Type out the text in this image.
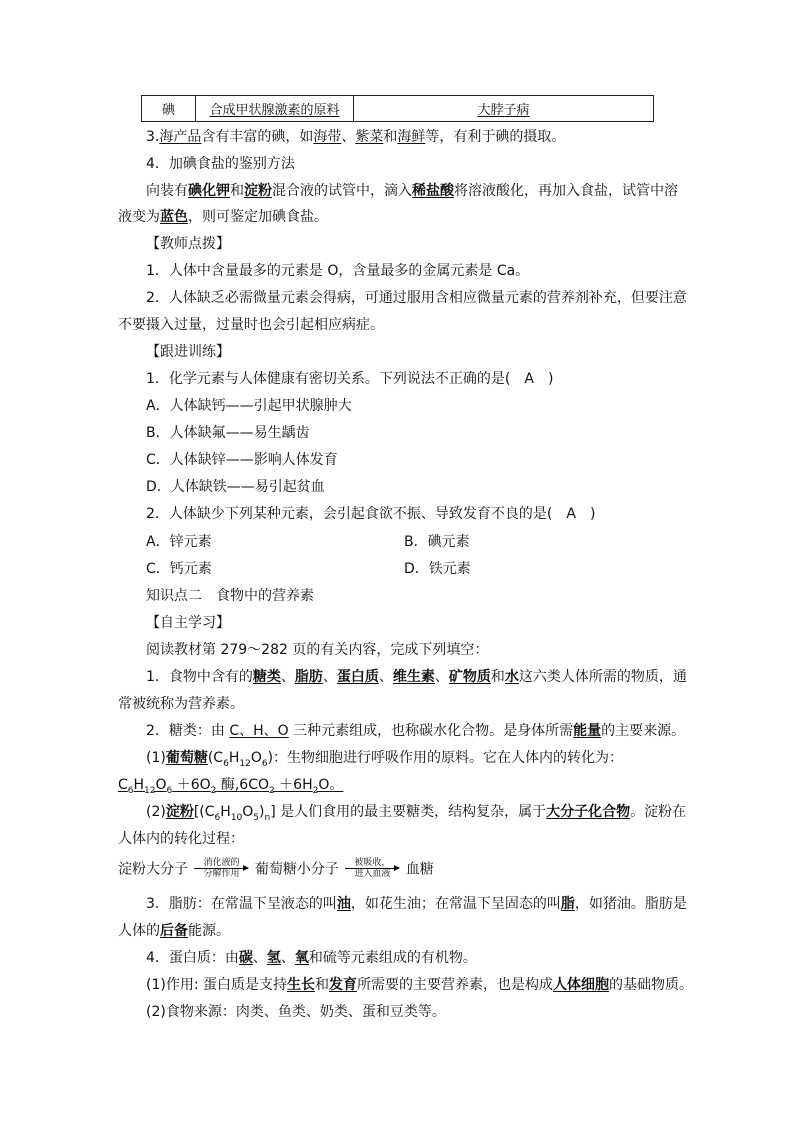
碘	合成甲状腺激素的原料	大脖子病
3.海产品含有丰富的碘，如海带、紫菜和海鲜等，有利于碘的摄取。
4．加碘食盐的鉴别方法
向装有碘化钾和淀粉混合液的试管中，滴入稀盐酸将溶液酸化，再加入食盐，试管中溶
液变为蓝色，则可鉴定加碘食盐。
【教师点拨】
1．人体中含量最多的元素是 O，含量最多的金属元素是 Ca。
2．人体缺乏必需微量元素会得病，可通过服用含相应微量元素的营养剂补充，但要注意
不要摄入过量，过量时也会引起相应病症。
【跟进训练】
1．化学元素与人体健康有密切关系。下列说法不正确的是(　A　)
A．人体缺钙——引起甲状腺肿大
B．人体缺氟——易生龋齿
C．人体缺锌——影响人体发育
D．人体缺铁——易引起贫血
2．人体缺少下列某种元素，会引起食欲不振、导致发育不良的是(　A　)
A．锌元素	B．碘元素
C．钙元素	D．铁元素
知识点二　食物中的营养素
【自主学习】
阅读教材第 279～282 页的有关内容，完成下列填空：
1．食物中含有的糖类、脂肪、蛋白质、维生素、矿物质和水这六类人体所需的物质，通
常被统称为营养素。
2．糖类：由 C、H、O 三种元素组成，也称碳水化合物。是身体所需能量的主要来源。
(1)葡萄糖$(C_6H_{12}O_6)$：生物细胞进行呼吸作用的原料。它在人体内的转化为：
$C_6H_{12}O_6 +6O_2$ 酶$,6CO_2 +6H_2O$。
(2)淀粉$[(C_6H_{10}O_5)_n]$ 是人们食用的最主要糖类，结构复杂，属于大分子化合物。淀粉在
人体内的转化过程：
淀粉大分子	消化液的
分解作用	葡萄糖小分子	被吸收，
进入血液	血糖
3．脂肪：在常温下呈液态的叫油，如花生油；在常温下呈固态的叫脂，如猪油。脂肪是
人体的后备能源。
4．蛋白质：由碳、氢、氧和硫等元素组成的有机物。
(1)作用: 蛋白质是支持生长和发育所需要的主要营养素，也是构成人体细胞的基础物质。
(2)食物来源：肉类、鱼类、奶类、蛋和豆类等。
